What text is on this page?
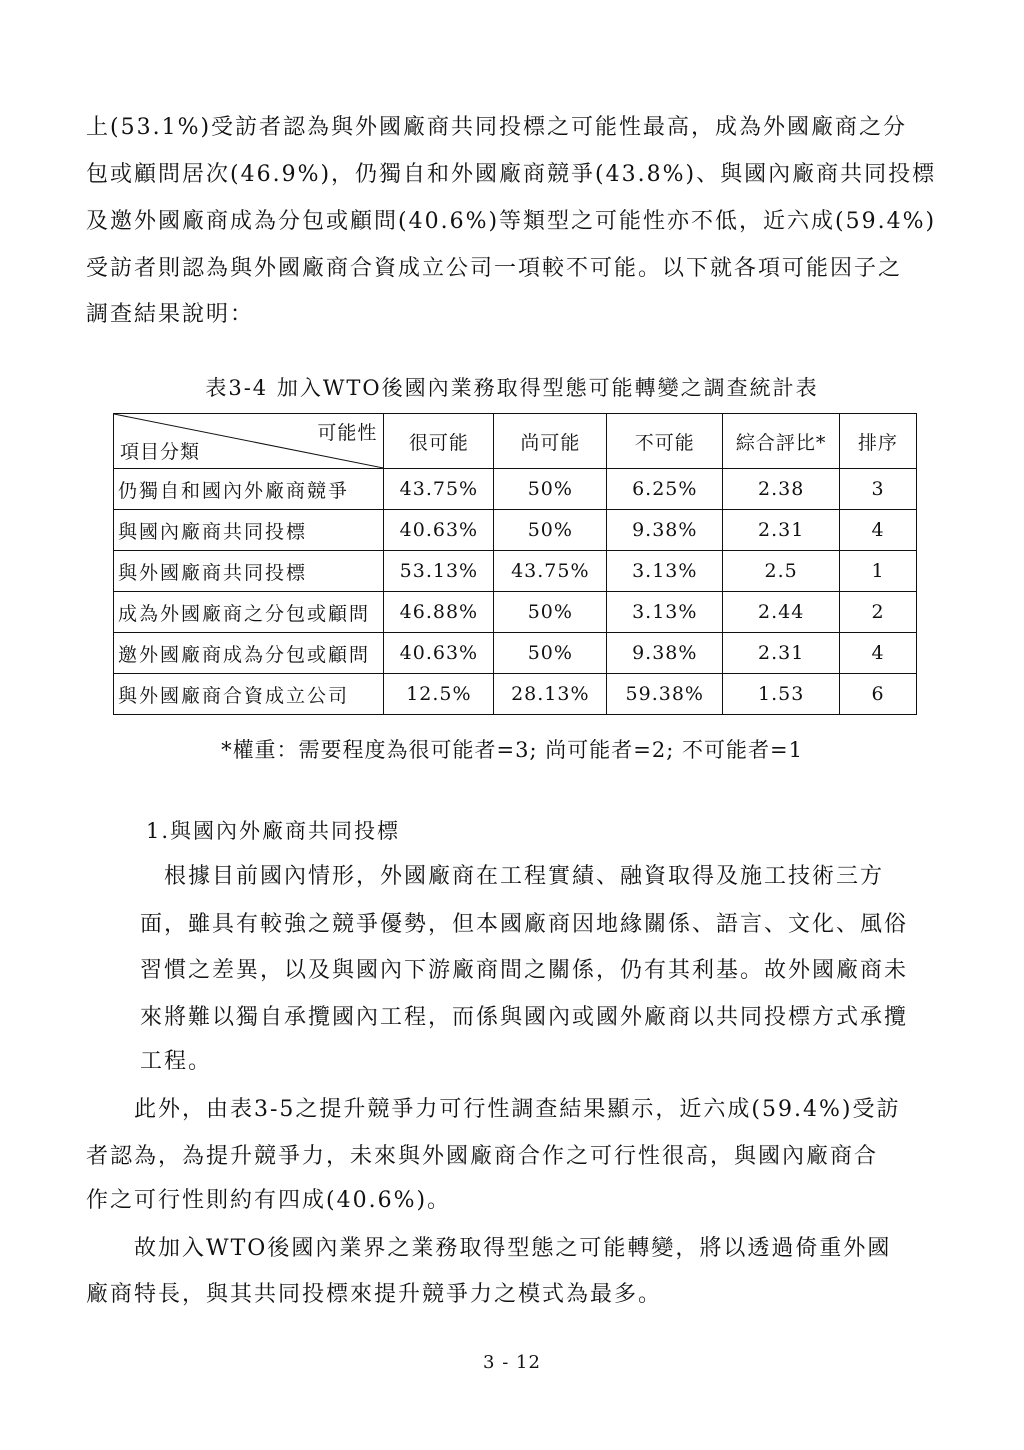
上(53.1%)受訪者認為與外國廠商共同投標之可能性最高，成為外國廠商之分
包或顧問居次(46.9%)，仍獨自和外國廠商競爭(43.8%)、與國內廠商共同投標
及邀外國廠商成為分包或顧問(40.6%)等類型之可能性亦不低，近六成(59.4%)
受訪者則認為與外國廠商合資成立公司一項較不可能。以下就各項可能因子之
調查結果說明：
表3-4 加入WTO後國內業務取得型態可能轉變之調查統計表
可能性
項目分類	很可能	尚可能	不可能	綜合評比*	排序
仍獨自和國內外廠商競爭	43.75%	50%	6.25%	2.38	3
與國內廠商共同投標	40.63%	50%	9.38%	2.31	4
與外國廠商共同投標	53.13%	43.75%	3.13%	2.5	1
成為外國廠商之分包或顧問	46.88%	50%	3.13%	2.44	2
邀外國廠商成為分包或顧問	40.63%	50%	9.38%	2.31	4
與外國廠商合資成立公司	12.5%	28.13%	59.38%	1.53	6
*權重：需要程度為很可能者=3; 尚可能者=2; 不可能者=1
1.與國內外廠商共同投標
　根據目前國內情形，外國廠商在工程實績、融資取得及施工技術三方
面，雖具有較強之競爭優勢，但本國廠商因地緣關係、語言、文化、風俗
習慣之差異，以及與國內下游廠商間之關係，仍有其利基。故外國廠商未
來將難以獨自承攬國內工程，而係與國內或國外廠商以共同投標方式承攬
工程。
　　此外，由表3-5之提升競爭力可行性調查結果顯示，近六成(59.4%)受訪
者認為，為提升競爭力，未來與外國廠商合作之可行性很高，與國內廠商合
作之可行性則約有四成(40.6%)。
　　故加入WTO後國內業界之業務取得型態之可能轉變，將以透過倚重外國
廠商特長，與其共同投標來提升競爭力之模式為最多。
3 - 12
